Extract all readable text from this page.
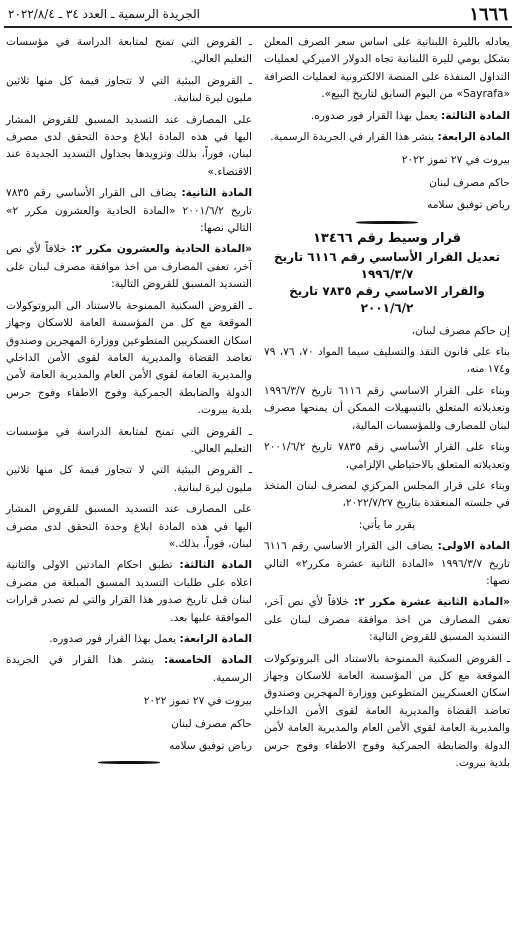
١٦٦٦
الجريدة الرسمية ـ العدد ٣٤ ـ ٢٠٢٢/٨/٤

يعادله بالليرة اللبنانية على اساس سعر الصرف المعلن بشكل يومي لليرة اللبنانية تجاه الدولار الاميركي لعمليات التداول المنفذة على المنصة الالكترونية لعمليات الصرافة «Sayrafa» من اليوم السابق لتاريخ البيع».

المادة الثالثة: يعمل بهذا القرار فور صدوره.

المادة الرابعة: ينشر هذا القرار في الجريدة الرسمية.

بيروت في ٢٧ تموز ٢٠٢٢

حاكم مصرف لبنان

رياض توفيق سلامه

قرار وسيط رقم ١٣٤٦٦
تعديل القرار الأساسي رقم ٦١١٦ تاريخ ١٩٩٦/٣/٧
والقرار الاساسي رقم ٧٨٣٥ تاريخ ٢٠٠١/٦/٢

إن حاكم مصرف لبنان،

بناء على قانون النقد والتسليف سيما المواد ٧٠، ٧٦، ٧٩ و١٧٤ منه،

وبناء على القرار الاساسي رقم ٦١١٦ تاريخ ١٩٩٦/٣/٧ وتعديلاته المتعلق بالتسهيلات الممكن أن يمنحها مصرف لبنان للمصارف وللمؤسسات المالية،

وبناء على القرار الأساسي رقم ٧٨٣٥ تاريخ ٢٠٠١/٦/٢ وتعديلاته المتعلق بالاحتياطي الإلزامي،

وبناء على قرار المجلس المركزي لمصرف لبنان المتخذ في جلسته المنعقدة بتاريخ ٢٠٢٢/٧/٢٧،

يقرر ما يأتي:

المادة الاولى: يضاف الى القرار الاساسي رقم ٦١١٦ تاريخ ١٩٩٦/٣/٧ «المادة الثانية عشرة مكرر٢» التالي نصها:

«المادة الثانية عشرة مكرر ٢: خلافاً لأي نص آخر، تعفى المصارف من اخذ موافقة مصرف لبنان على التسديد المسبق للقروض التالية:

ـ القروض السكنية الممنوحة بالاستناد الى البروتوكولات الموقعة مع كل من المؤسسة العامة للاسكان وجهاز اسكان العسكريين المتطوعين ووزارة المهجرين وصندوق تعاضد القضاة والمديرية العامة لقوى الأمن الداخلي والمديرية العامة لقوى الأمن العام والمديرية العامة لأمن الدولة والضابطة الجمركية وفوج الاطفاء وفوج حرس بلدية بيروت.

ـ القروض التي تمنح لمتابعة الدراسة في مؤسسات التعليم العالي.

ـ القروض البيئية التي لا تتجاوز قيمة كل منها ثلاثين مليون ليرة لبنانية.

على المصارف عند التسديد المسبق للقروض المشار اليها في هذه المادة ابلاغ وحدة التحقق لدى مصرف لبنان، فوراً، بذلك وتزويدها بجداول التسديد الجديدة عند الاقتضاء.»

المادة الثانية: يضاف الى القرار الأساسي رقم ٧٨٣٥ تاريخ ٢٠٠١/٦/٢ «المادة الحادية والعشرون مكرر ٢» التالي نصها:

«المادة الحادية والعشرون مكرر ٢: خلافاً لأي نص آخر، تعفى المصارف من اخذ موافقة مصرف لبنان على التسديد المسبق للقروض التالية:

ـ القروض السكنية الممنوحة بالاستناد الى البروتوكولات الموقعة مع كل من المؤسسة العامة للاسكان وجهاز اسكان العسكريين المتطوعين ووزارة المهجرين وصندوق تعاضد القضاة والمديرية العامة لقوى الأمن الداخلي والمديرية العامة لقوى الأمن العام والمديرية العامة لأمن الدولة والضابطة الجمركية وفوج الاطفاء وفوج حرس بلدية بيروت.

ـ القروض التي تمنح لمتابعة الدراسة في مؤسسات التعليم العالي.

ـ القروض البيئية التي لا تتجاوز قيمة كل منها ثلاثين مليون ليرة لبنانية.

على المصارف عند التسديد المسبق للقروض المشار اليها في هذه المادة ابلاغ وحدة التحقق لدى مصرف لبنان، فوراً، بذلك.»

المادة الثالثة: تطبق احكام المادتين الاولى والثانية اعلاه على طلبات التسديد المسبق المبلغة من مصرف لبنان قبل تاريخ صدور هذا القرار والتي لم تصدر قرارات الموافقة عليها بعد.

المادة الرابعة: يعمل بهذا القرار فور صدوره.

المادة الخامسة: ينشر هذا القرار في الجريدة الرسمية.

بيروت في ٢٧ تموز ٢٠٢٢

حاكم مصرف لبنان

رياض توفيق سلامه
